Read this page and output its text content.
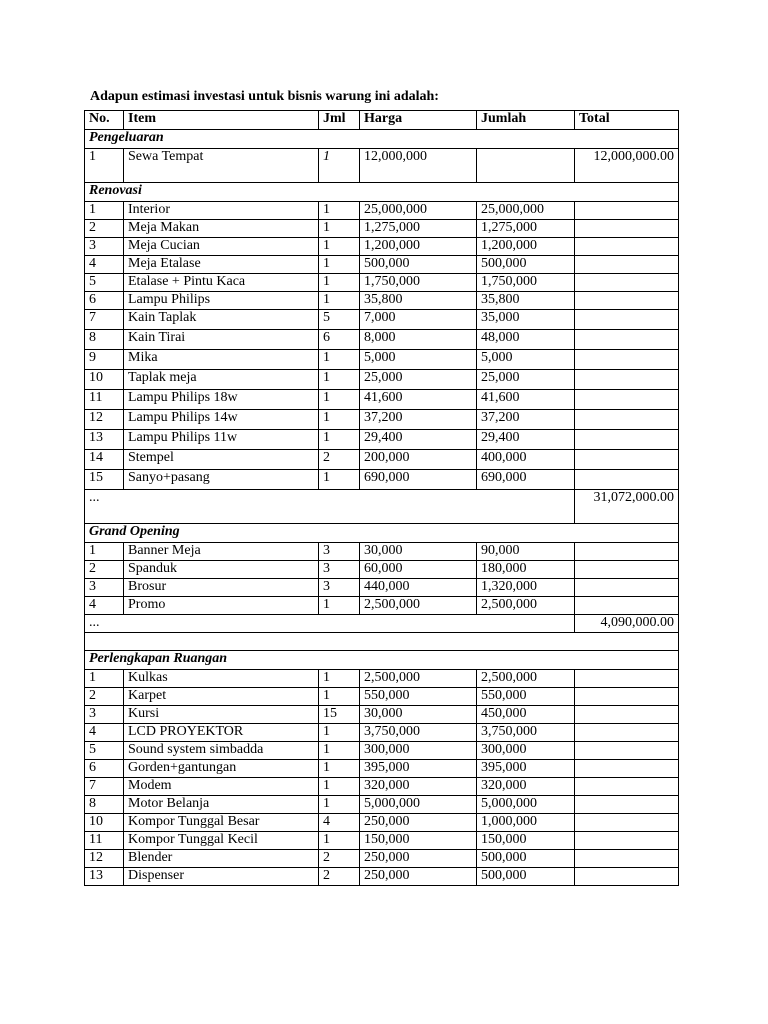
Adapun estimasi investasi untuk bisnis warung ini adalah:
No.	Item	Jml	Harga	Jumlah	Total
Pengeluaran					
1	Sewa Tempat	1	12,000,000		12,000,000.00
Renovasi					
1	Interior	1	25,000,000	25,000,000	
2	Meja Makan	1	1,275,000	1,275,000	
3	Meja Cucian	1	1,200,000	1,200,000	
4	Meja Etalase	1	500,000	500,000	
5	Etalase + Pintu Kaca	1	1,750,000	1,750,000	
6	Lampu Philips	1	35,800	35,800	
7	Kain Taplak	5	7,000	35,000	
8	Kain Tirai	6	8,000	48,000	
9	Mika	1	5,000	5,000	
10	Taplak meja	1	25,000	25,000	
11	Lampu Philips 18w	1	41,600	41,600	
12	Lampu Philips 14w	1	37,200	37,200	
13	Lampu Philips 11w	1	29,400	29,400	
14	Stempel	2	200,000	400,000	
15	Sanyo+pasang	1	690,000	690,000	
...					31,072,000.00
Grand Opening					
1	Banner Meja	3	30,000	90,000	
2	Spanduk	3	60,000	180,000	
3	Brosur	3	440,000	1,320,000	
4	Promo	1	2,500,000	2,500,000	
...					4,090,000.00

Perlengkapan Ruangan					
1	Kulkas	1	2,500,000	2,500,000	
2	Karpet	1	550,000	550,000	
3	Kursi	15	30,000	450,000	
4	LCD PROYEKTOR	1	3,750,000	3,750,000	
5	Sound system simbadda	1	300,000	300,000	
6	Gorden+gantungan	1	395,000	395,000	
7	Modem	1	320,000	320,000	
8	Motor Belanja	1	5,000,000	5,000,000	
10	Kompor Tunggal Besar	4	250,000	1,000,000	
11	Kompor Tunggal Kecil	1	150,000	150,000	
12	Blender	2	250,000	500,000	
13	Dispenser	2	250,000	500,000	
